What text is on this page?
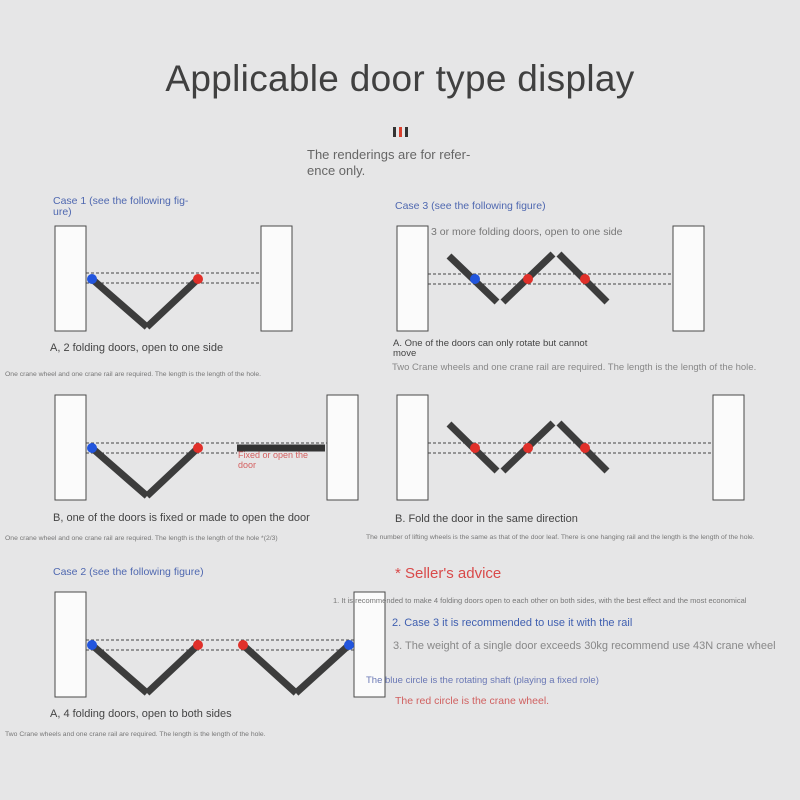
Applicable door type display
The renderings are for refer-
ence only.
Case 1 (see the following fig-
ure)
A, 2 folding doors, open to one side
One crane wheel and one crane rail are required. The length is the length of the hole.
Fixed or open the
door
B, one of the doors is fixed or made to open the door
One crane wheel and one crane rail are required. The length is the length of the hole *(2/3)
Case 3 (see the following figure)
3 or more folding doors, open to one side
A. One of the doors can only rotate but cannot
move
Two Crane wheels and one crane rail are required. The length is the length of the hole.
B. Fold the door in the same direction
The number of lifting wheels is the same as that of the door leaf. There is one hanging rail and the length is the length of the hole.
Case 2 (see the following figure)
A, 4 folding doors, open to both sides
Two Crane wheels and one crane rail are required. The length is the length of the hole.
* Seller's advice
1. It is recommended to make 4 folding doors open to each other on both sides, with the best effect and the most economical
2. Case 3 it is recommended to use it with the rail
3. The weight of a single door exceeds 30kg recommend use 43N crane wheel
The blue circle is the rotating shaft (playing a fixed role)
The red circle is the crane wheel.
